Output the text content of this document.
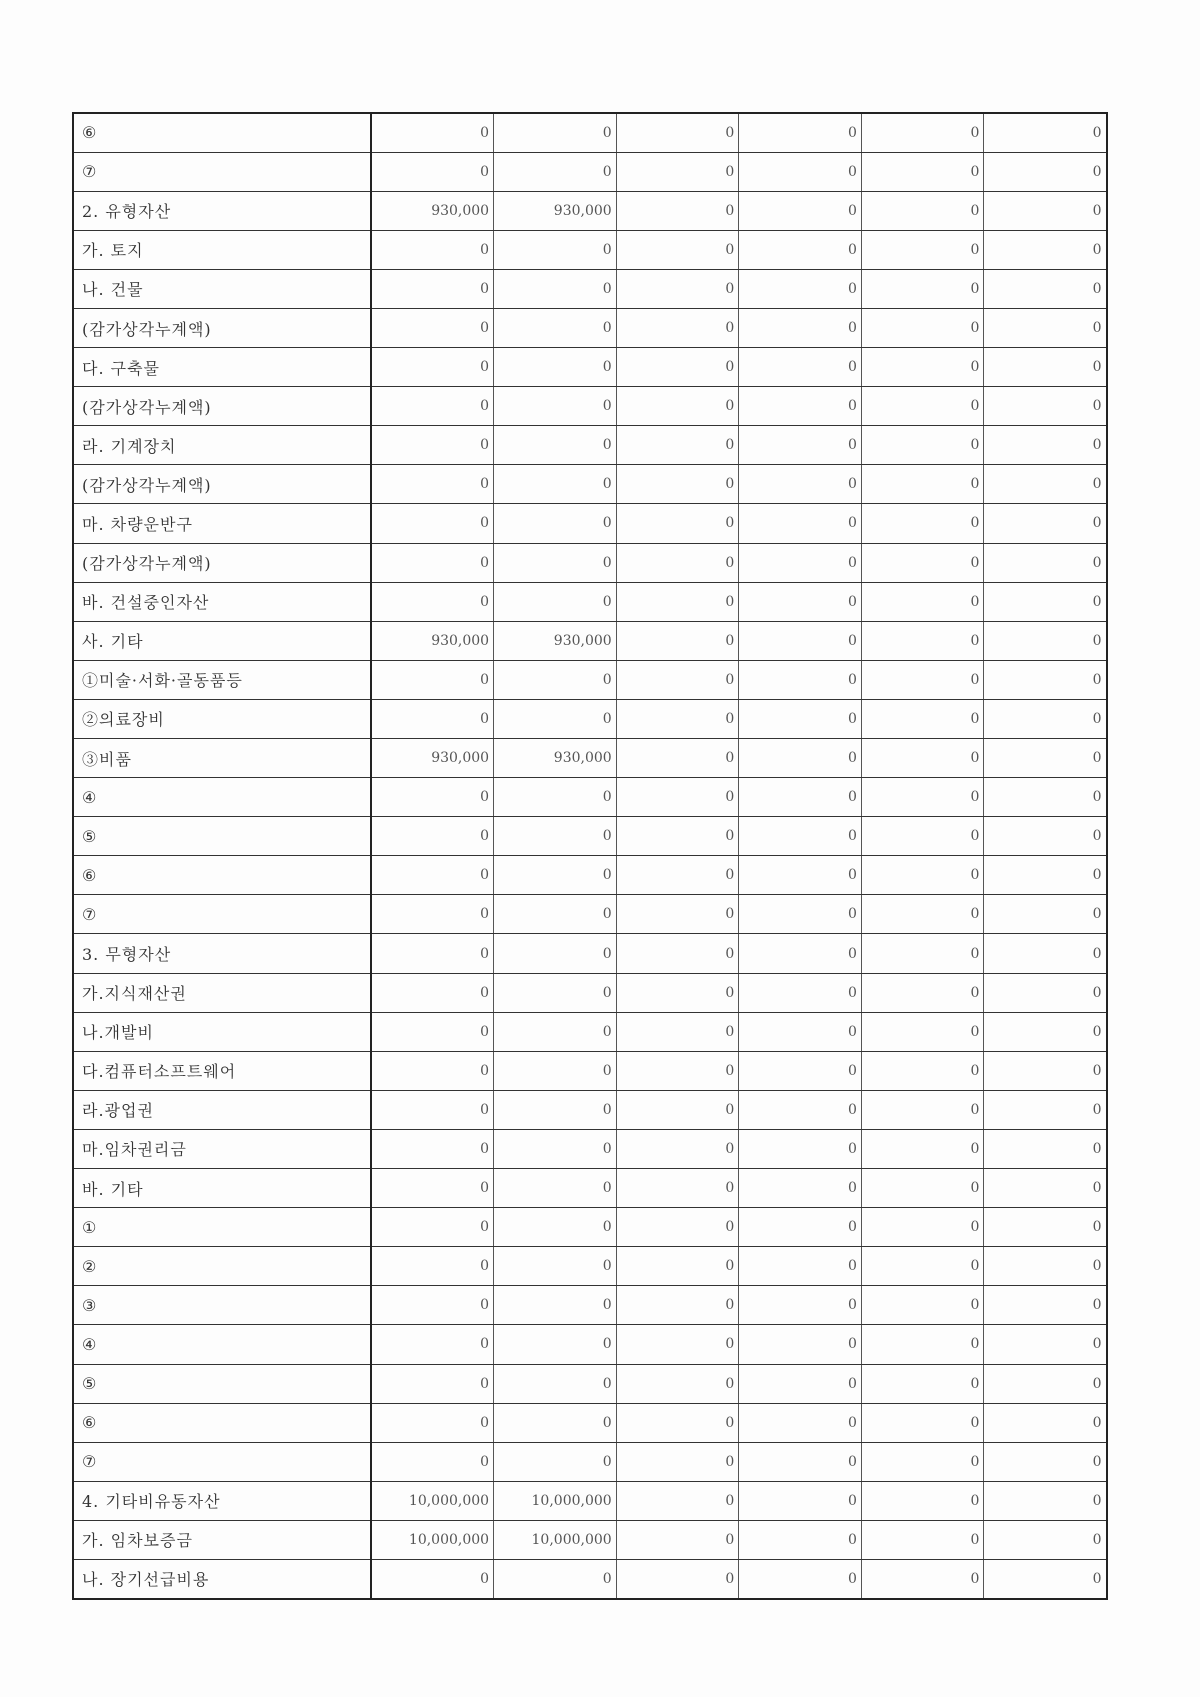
⑥	0	0	0	0	0	0
⑦	0	0	0	0	0	0
2. 유형자산	930,000	930,000	0	0	0	0
가. 토지	0	0	0	0	0	0
나. 건물	0	0	0	0	0	0
(감가상각누계액)	0	0	0	0	0	0
다. 구축물	0	0	0	0	0	0
(감가상각누계액)	0	0	0	0	0	0
라. 기계장치	0	0	0	0	0	0
(감가상각누계액)	0	0	0	0	0	0
마. 차량운반구	0	0	0	0	0	0
(감가상각누계액)	0	0	0	0	0	0
바. 건설중인자산	0	0	0	0	0	0
사. 기타	930,000	930,000	0	0	0	0
①미술·서화·골동품등	0	0	0	0	0	0
②의료장비	0	0	0	0	0	0
③비품	930,000	930,000	0	0	0	0
④	0	0	0	0	0	0
⑤	0	0	0	0	0	0
⑥	0	0	0	0	0	0
⑦	0	0	0	0	0	0
3. 무형자산	0	0	0	0	0	0
가.지식재산권	0	0	0	0	0	0
나.개발비	0	0	0	0	0	0
다.컴퓨터소프트웨어	0	0	0	0	0	0
라.광업권	0	0	0	0	0	0
마.임차권리금	0	0	0	0	0	0
바. 기타	0	0	0	0	0	0
①	0	0	0	0	0	0
②	0	0	0	0	0	0
③	0	0	0	0	0	0
④	0	0	0	0	0	0
⑤	0	0	0	0	0	0
⑥	0	0	0	0	0	0
⑦	0	0	0	0	0	0
4. 기타비유동자산	10,000,000	10,000,000	0	0	0	0
가. 임차보증금	10,000,000	10,000,000	0	0	0	0
나. 장기선급비용	0	0	0	0	0	0
